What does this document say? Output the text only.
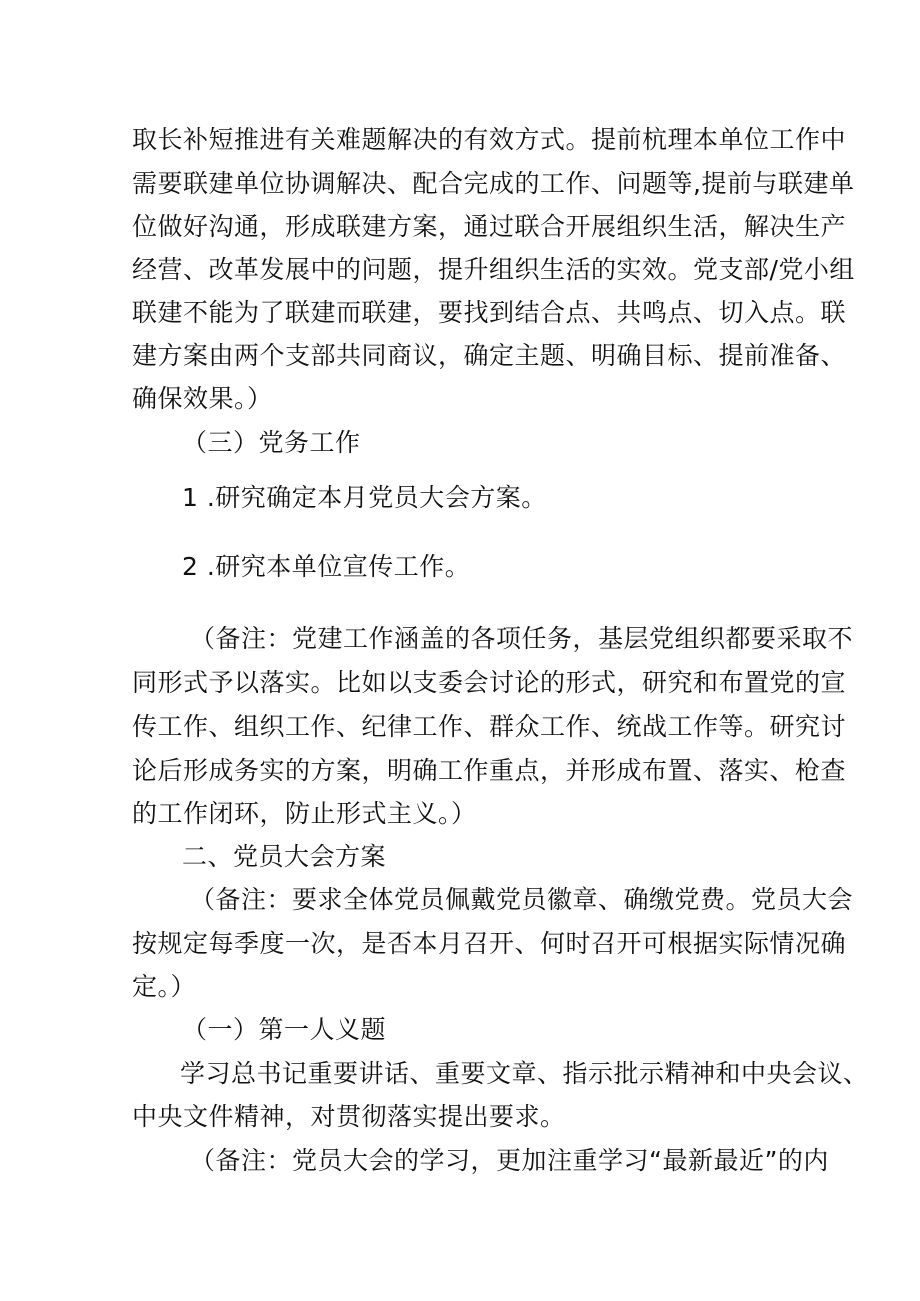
取长补短推进有关难题解决的有效方式。提前杭理本单位工作中
需要联建单位协调解决、配合完成的工作、问题等,提前与联建单
位做好沟通，形成联建方案，通过联合开展组织生活，解决生产
经营、改革发展中的问题，提升组织生活的实效。党支部/党小组
联建不能为了联建而联建，要找到结合点、共鸣点、切入点。联
建方案由两个支部共同商议，确定主题、明确目标、提前准备、
确保效果。）
（三）党务工作
1 .研究确定本月党员大会方案。
2 .研究本单位宣传工作。
（备注：党建工作涵盖的各项任务，基层党组织都要采取不
同形式予以落实。比如以支委会讨论的形式，研究和布置党的宣
传工作、组织工作、纪律工作、群众工作、统战工作等。研究讨
论后形成务实的方案，明确工作重点，并形成布置、落实、枪查
的工作闭环，防止形式主义。）
二、党员大会方案
（备注：要求全体党员佩戴党员徽章、确缴党费。党员大会
按规定每季度一次，是否本月召开、何时召开可根据实际情况确
定。）
（一）第一人义题
学习总书记重要讲话、重要文章、指示批示精神和中央会议、
中央文件精神，对贯彻落实提出要求。
（备注：党员大会的学习，更加注重学习“最新最近”的内
